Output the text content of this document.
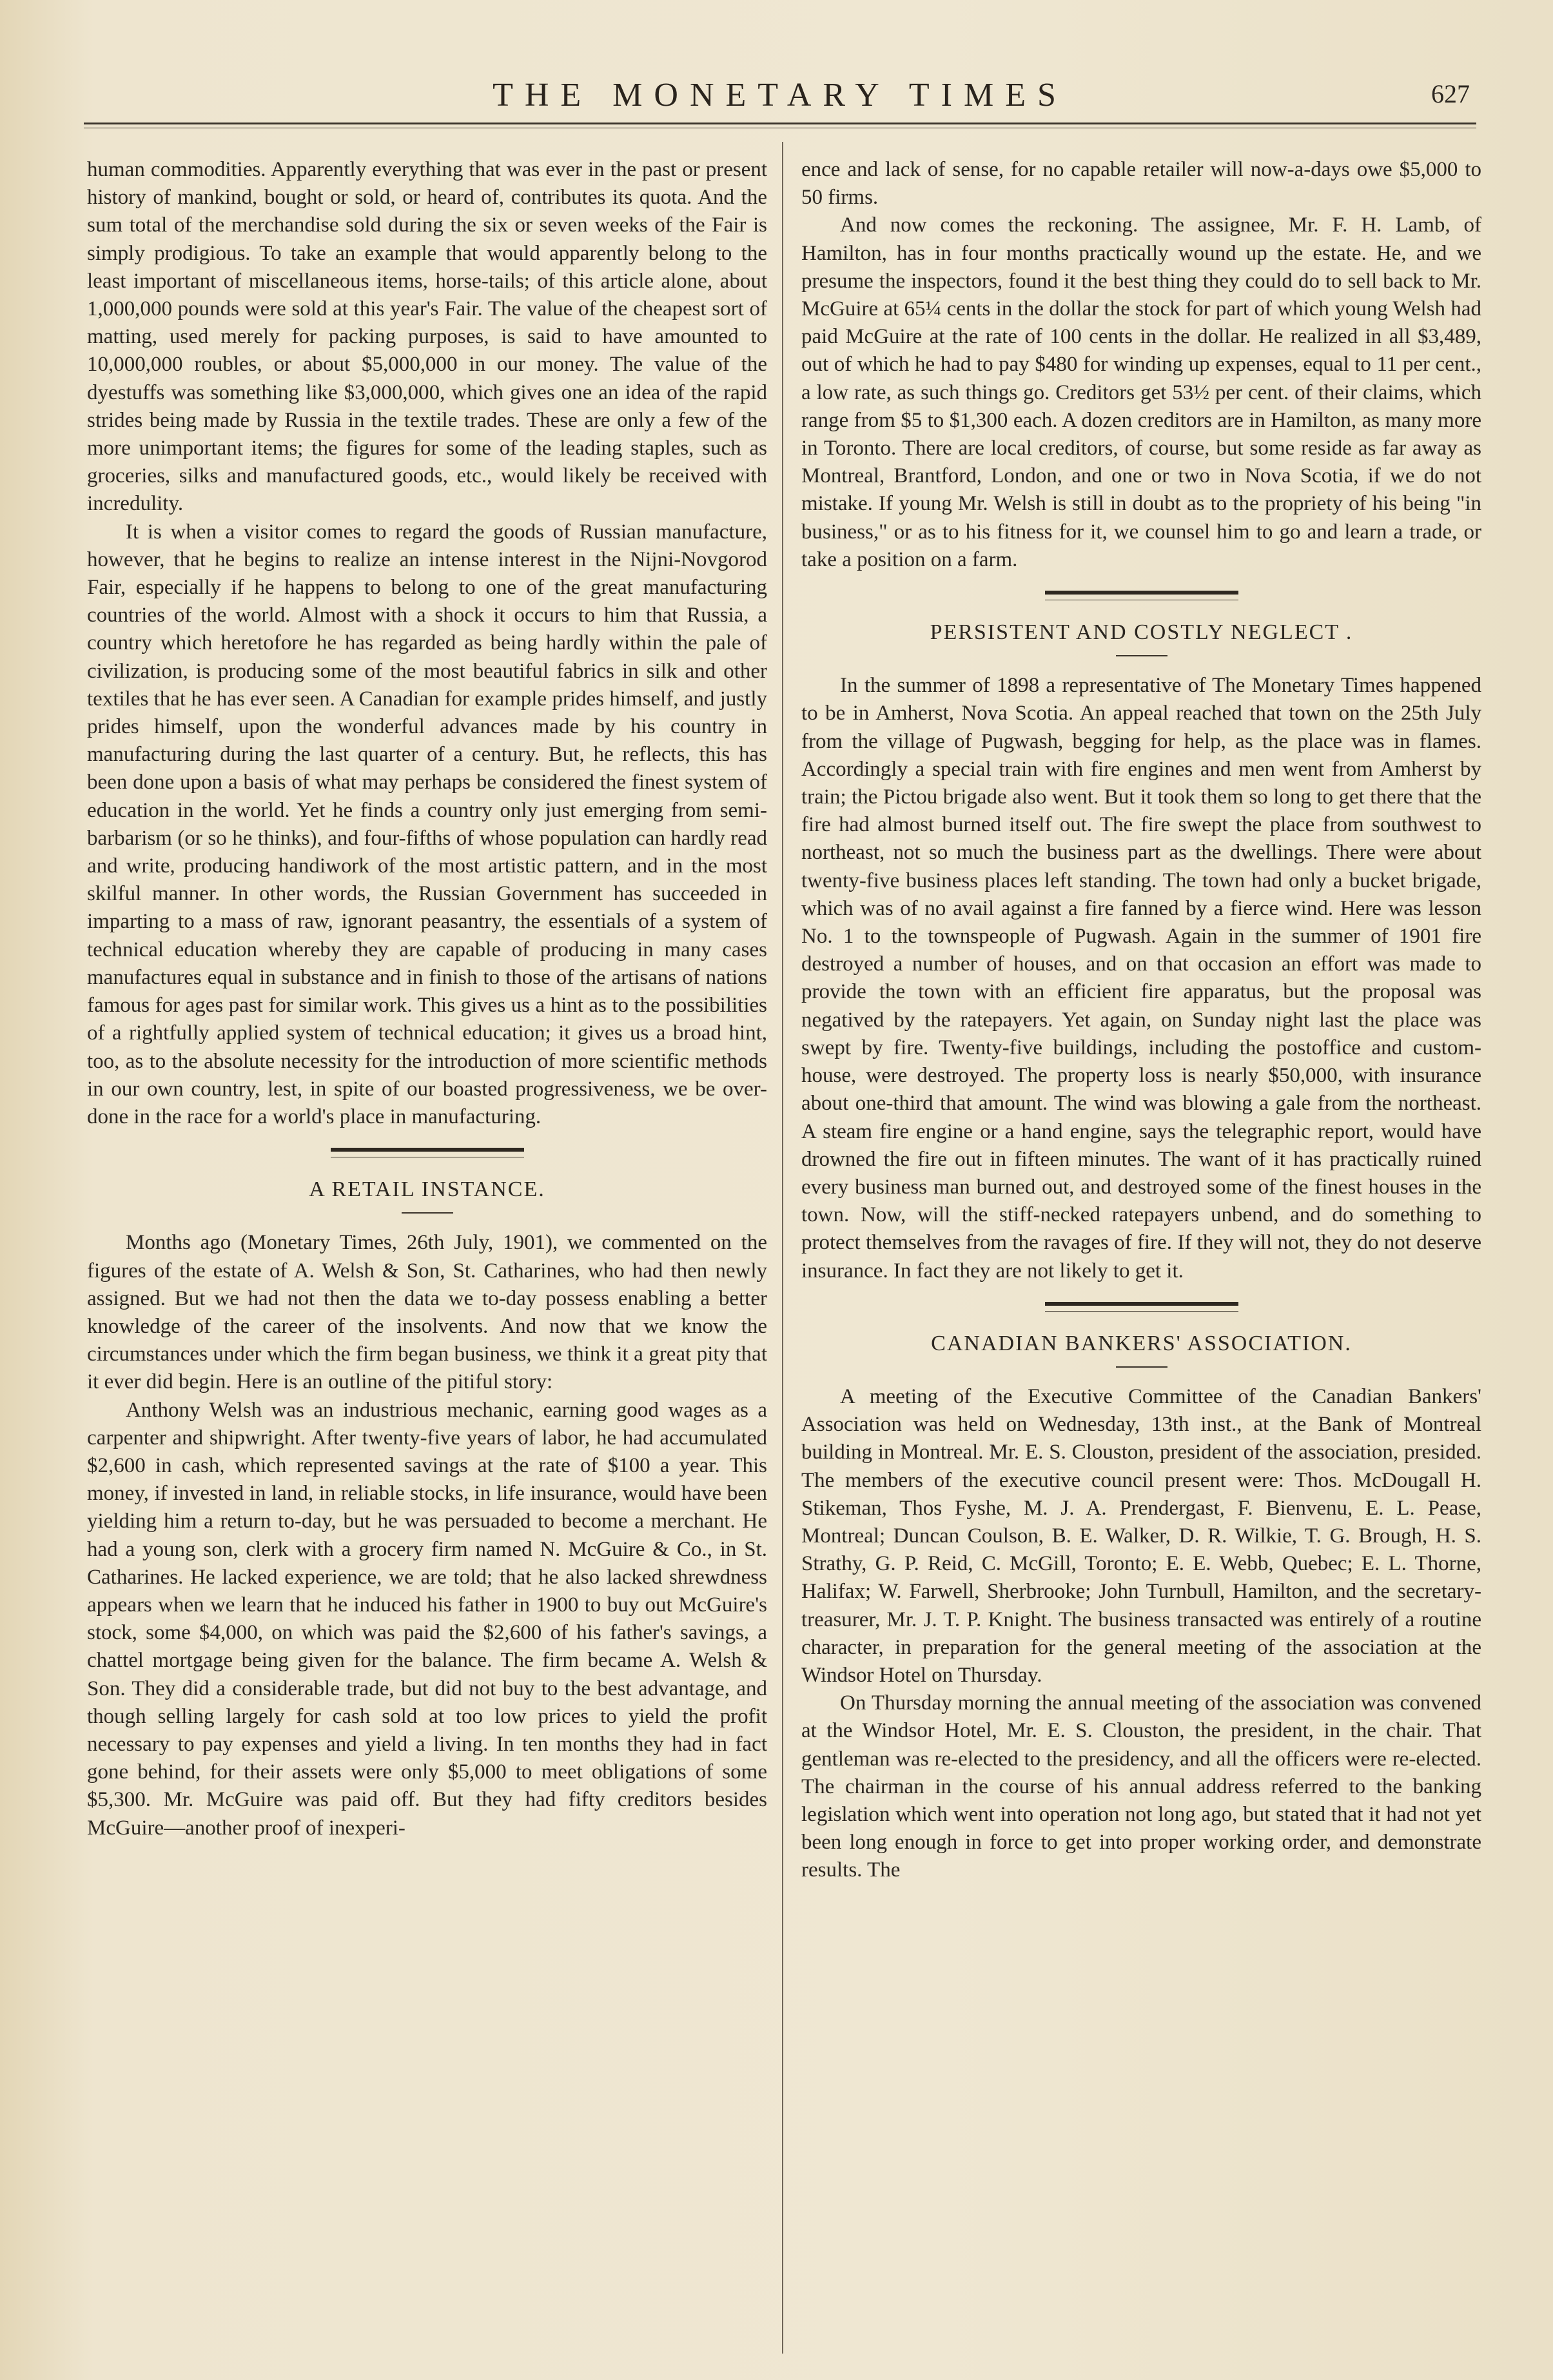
THE MONETARY TIMES	627

human commodities. Apparently everything that was ever in the past or present history of mankind, bought or sold, or heard of, contributes its quota. And the sum total of the merchandise sold during the six or seven weeks of the Fair is simply prodigious. To take an example that would apparently belong to the least important of miscellaneous items, horse-tails; of this article alone, about 1,000,000 pounds were sold at this year's Fair. The value of the cheapest sort of matting, used merely for packing purposes, is said to have amounted to 10,000,000 roubles, or about $5,000,000 in our money. The value of the dyestuffs was something like $3,000,000, which gives one an idea of the rapid strides being made by Russia in the textile trades. These are only a few of the more unimportant items; the figures for some of the leading staples, such as groceries, silks and manufactured goods, etc., would likely be received with incredulity.

It is when a visitor comes to regard the goods of Russian manufacture, however, that he begins to realize an intense interest in the Nijni-Novgorod Fair, especially if he happens to belong to one of the great manufacturing countries of the world. Almost with a shock it occurs to him that Russia, a country which heretofore he has regarded as being hardly within the pale of civilization, is producing some of the most beautiful fabrics in silk and other textiles that he has ever seen. A Canadian for example prides himself, and justly prides himself, upon the wonderful advances made by his country in manufacturing during the last quarter of a century. But, he reflects, this has been done upon a basis of what may perhaps be considered the finest system of education in the world. Yet he finds a country only just emerging from semi-barbarism (or so he thinks), and four-fifths of whose population can hardly read and write, producing handiwork of the most artistic pattern, and in the most skilful manner. In other words, the Russian Government has succeeded in imparting to a mass of raw, ignorant peasantry, the essentials of a system of technical education whereby they are capable of producing in many cases manufactures equal in substance and in finish to those of the artisans of nations famous for ages past for similar work. This gives us a hint as to the possibilities of a rightfully applied system of technical education; it gives us a broad hint, too, as to the absolute necessity for the introduction of more scientific methods in our own country, lest, in spite of our boasted progressiveness, we be over-done in the race for a world's place in manufacturing.

A RETAIL INSTANCE.

Months ago (Monetary Times, 26th July, 1901), we commented on the figures of the estate of A. Welsh & Son, St. Catharines, who had then newly assigned. But we had not then the data we to-day possess enabling a better knowledge of the career of the insolvents. And now that we know the circumstances under which the firm began business, we think it a great pity that it ever did begin. Here is an outline of the pitiful story:

Anthony Welsh was an industrious mechanic, earning good wages as a carpenter and shipwright. After twenty-five years of labor, he had accumulated $2,600 in cash, which represented savings at the rate of $100 a year. This money, if invested in land, in reliable stocks, in life insurance, would have been yielding him a return to-day, but he was persuaded to become a merchant. He had a young son, clerk with a grocery firm named N. McGuire & Co., in St. Catharines. He lacked experience, we are told; that he also lacked shrewdness appears when we learn that he induced his father in 1900 to buy out McGuire's stock, some $4,000, on which was paid the $2,600 of his father's savings, a chattel mortgage being given for the balance. The firm became A. Welsh & Son. They did a considerable trade, but did not buy to the best advantage, and though selling largely for cash sold at too low prices to yield the profit necessary to pay expenses and yield a living. In ten months they had in fact gone behind, for their assets were only $5,000 to meet obligations of some $5,300. Mr. McGuire was paid off. But they had fifty creditors besides McGuire—another proof of inexperi-

ence and lack of sense, for no capable retailer will now-a-days owe $5,000 to 50 firms.

And now comes the reckoning. The assignee, Mr. F. H. Lamb, of Hamilton, has in four months practically wound up the estate. He, and we presume the inspectors, found it the best thing they could do to sell back to Mr. McGuire at 65¼ cents in the dollar the stock for part of which young Welsh had paid McGuire at the rate of 100 cents in the dollar. He realized in all $3,489, out of which he had to pay $480 for winding up expenses, equal to 11 per cent., a low rate, as such things go. Creditors get 53½ per cent. of their claims, which range from $5 to $1,300 each. A dozen creditors are in Hamilton, as many more in Toronto. There are local creditors, of course, but some reside as far away as Montreal, Brantford, London, and one or two in Nova Scotia, if we do not mistake. If young Mr. Welsh is still in doubt as to the propriety of his being "in business," or as to his fitness for it, we counsel him to go and learn a trade, or take a position on a farm.

PERSISTENT AND COSTLY NEGLECT .

In the summer of 1898 a representative of The Monetary Times happened to be in Amherst, Nova Scotia. An appeal reached that town on the 25th July from the village of Pugwash, begging for help, as the place was in flames. Accordingly a special train with fire engines and men went from Amherst by train; the Pictou brigade also went. But it took them so long to get there that the fire had almost burned itself out. The fire swept the place from southwest to northeast, not so much the business part as the dwellings. There were about twenty-five business places left standing. The town had only a bucket brigade, which was of no avail against a fire fanned by a fierce wind. Here was lesson No. 1 to the townspeople of Pugwash. Again in the summer of 1901 fire destroyed a number of houses, and on that occasion an effort was made to provide the town with an efficient fire apparatus, but the proposal was negatived by the ratepayers. Yet again, on Sunday night last the place was swept by fire. Twenty-five buildings, including the postoffice and custom-house, were destroyed. The property loss is nearly $50,000, with insurance about one-third that amount. The wind was blowing a gale from the northeast. A steam fire engine or a hand engine, says the telegraphic report, would have drowned the fire out in fifteen minutes. The want of it has practically ruined every business man burned out, and destroyed some of the finest houses in the town. Now, will the stiff-necked ratepayers unbend, and do something to protect themselves from the ravages of fire. If they will not, they do not deserve insurance. In fact they are not likely to get it.

CANADIAN BANKERS' ASSOCIATION.

A meeting of the Executive Committee of the Canadian Bankers' Association was held on Wednesday, 13th inst., at the Bank of Montreal building in Montreal. Mr. E. S. Clouston, president of the association, presided. The members of the executive council present were: Thos. McDougall H. Stikeman, Thos Fyshe, M. J. A. Prendergast, F. Bienvenu, E. L. Pease, Montreal; Duncan Coulson, B. E. Walker, D. R. Wilkie, T. G. Brough, H. S. Strathy, G. P. Reid, C. McGill, Toronto; E. E. Webb, Quebec; E. L. Thorne, Halifax; W. Farwell, Sherbrooke; John Turnbull, Hamilton, and the secretary-treasurer, Mr. J. T. P. Knight. The business transacted was entirely of a routine character, in preparation for the general meeting of the association at the Windsor Hotel on Thursday.

On Thursday morning the annual meeting of the association was convened at the Windsor Hotel, Mr. E. S. Clouston, the president, in the chair. That gentleman was re-elected to the presidency, and all the officers were re-elected. The chairman in the course of his annual address referred to the banking legislation which went into operation not long ago, but stated that it had not yet been long enough in force to get into proper working order, and demonstrate results. The
